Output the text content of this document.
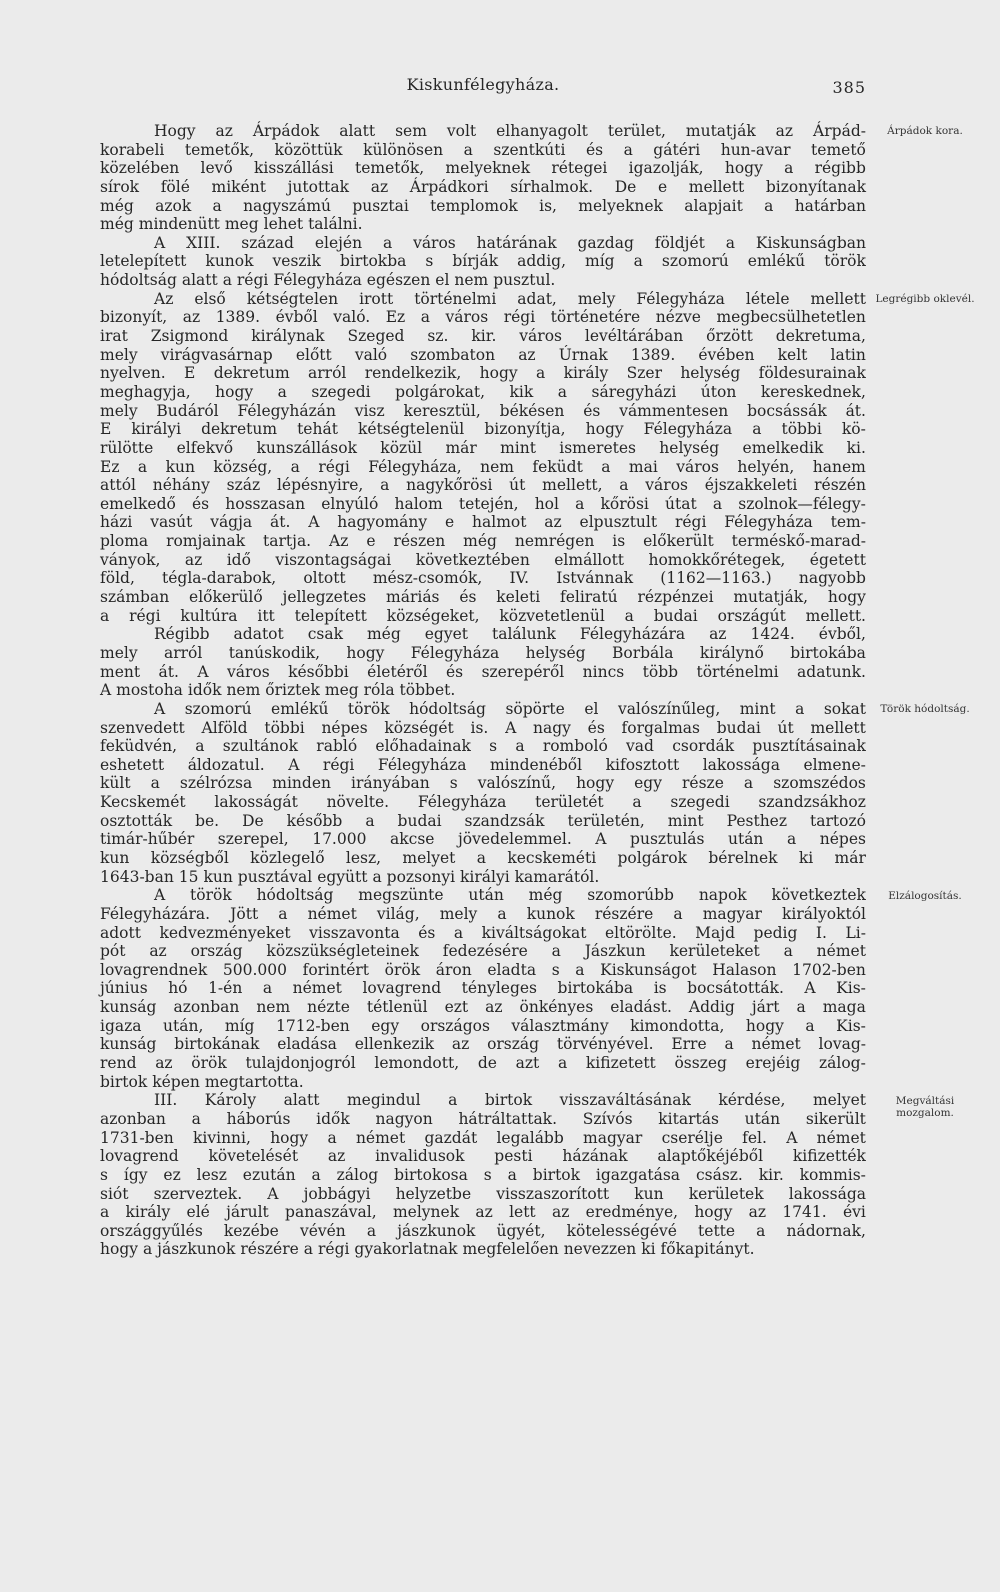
Kiskunfélegyháza.	385
Hogy az Árpádok alatt sem volt elhanyagolt terület, mutatják az Árpád-
korabeli temetők, közöttük különösen a szentkúti és a gátéri hun-avar temető
közelében levő kisszállási temetők, melyeknek rétegei igazolják, hogy a régibb
sírok fölé miként jutottak az Árpádkori sírhalmok. De e mellett bizonyítanak
még azok a nagyszámú pusztai templomok is, melyeknek alapjait a határban
még mindenütt meg lehet találni.
A XIII. század elején a város határának gazdag földjét a Kiskunságban
letelepített kunok veszik birtokba s bírják addig, míg a szomorú emlékű török
hódoltság alatt a régi Félegyháza egészen el nem pusztul.
Az első kétségtelen irott történelmi adat, mely Félegyháza létele mellett
bizonyít, az 1389. évből való. Ez a város régi történetére nézve megbecsülhetetlen
irat Zsigmond királynak Szeged sz. kir. város levéltárában őrzött dekretuma,
mely virágvasárnap előtt való szombaton az Úrnak 1389. évében kelt latin
nyelven. E dekretum arról rendelkezik, hogy a király Szer helység földesurainak
meghagyja, hogy a szegedi polgárokat, kik a sáregyházi úton kereskednek,
mely Budáról Félegyházán visz keresztül, békésen és vámmentesen bocsássák át.
E királyi dekretum tehát kétségtelenül bizonyítja, hogy Félegyháza a többi kö-
rülötte elfekvő kunszállások közül már mint ismeretes helység emelkedik ki.
Ez a kun község, a régi Félegyháza, nem feküdt a mai város helyén, hanem
attól néhány száz lépésnyire, a nagykőrösi út mellett, a város éjszakkeleti részén
emelkedő és hosszasan elnyúló halom tetején, hol a kőrösi útat a szolnok—félegy-
házi vasút vágja át. A hagyomány e halmot az elpusztult régi Félegyháza tem-
ploma romjainak tartja. Az e részen még nemrégen is előkerült terméskő-marad-
ványok, az idő viszontagságai következtében elmállott homokkőrétegek, égetett
föld, tégla-darabok, oltott mész-csomók, IV. Istvánnak (1162—1163.) nagyobb
számban előkerülő jellegzetes máriás és keleti feliratú rézpénzei mutatják, hogy
a régi kultúra itt telepített községeket, közvetetlenül a budai országút mellett.
Régibb adatot csak még egyet találunk Félegyházára az 1424. évből,
mely arról tanúskodik, hogy Félegyháza helység Borbála királynő birtokába
ment át. A város későbbi életéről és szerepéről nincs több történelmi adatunk.
A mostoha idők nem őriztek meg róla többet.
A szomorú emlékű török hódoltság söpörte el valószínűleg, mint a sokat
szenvedett Alföld többi népes községét is. A nagy és forgalmas budai út mellett
feküdvén, a szultánok rabló előhadainak s a romboló vad csordák pusztításainak
eshetett áldozatul. A régi Félegyháza mindenéből kifosztott lakossága elmene-
kült a szélrózsa minden irányában s valószínű, hogy egy része a szomszédos
Kecskemét lakosságát növelte. Félegyháza területét a szegedi szandzsákhoz
osztották be. De később a budai szandzsák területén, mint Pesthez tartozó
timár-hűbér szerepel, 17.000 akcse jövedelemmel. A pusztulás után a népes
kun községből közlegelő lesz, melyet a kecskeméti polgárok bérelnek ki már
1643-ban 15 kun pusztával együtt a pozsonyi királyi kamarától.
A török hódoltság megszünte után még szomorúbb napok következtek
Félegyházára. Jött a német világ, mely a kunok részére a magyar királyoktól
adott kedvezményeket visszavonta és a kiváltságokat eltörölte. Majd pedig I. Li-
pót az ország közszükségleteinek fedezésére a Jászkun kerületeket a német
lovagrendnek 500.000 forintért örök áron eladta s a Kiskunságot Halason 1702-ben
június hó 1-én a német lovagrend tényleges birtokába is bocsátották. A Kis-
kunság azonban nem nézte tétlenül ezt az önkényes eladást. Addig járt a maga
igaza után, míg 1712-ben egy országos választmány kimondotta, hogy a Kis-
kunság birtokának eladása ellenkezik az ország törvényével. Erre a német lovag-
rend az örök tulajdonjogról lemondott, de azt a kifizetett összeg erejéig zálog-
birtok képen megtartotta.
III. Károly alatt megindul a birtok visszaváltásának kérdése, melyet
azonban a háborús idők nagyon hátráltattak. Szívós kitartás után sikerült
1731-ben kivinni, hogy a német gazdát legalább magyar cserélje fel. A német
lovagrend követelését az invalidusok pesti házának alaptőkéjéből kifizették
s így ez lesz ezután a zálog birtokosa s a birtok igazgatása csász. kir. kommis-
siót szerveztek. A jobbágyi helyzetbe visszaszorított kun kerületek lakossága
a király elé járult panaszával, melynek az lett az eredménye, hogy az 1741. évi
országgyűlés kezébe vévén a jászkunok ügyét, kötelességévé tette a nádornak,
hogy a jászkunok részére a régi gyakorlatnak megfelelően nevezzen ki főkapitányt.
Árpádok kora.
Legrégibb oklevél.
Török hódoltság.
Elzálogosítás.
Megváltási mozgalom.
